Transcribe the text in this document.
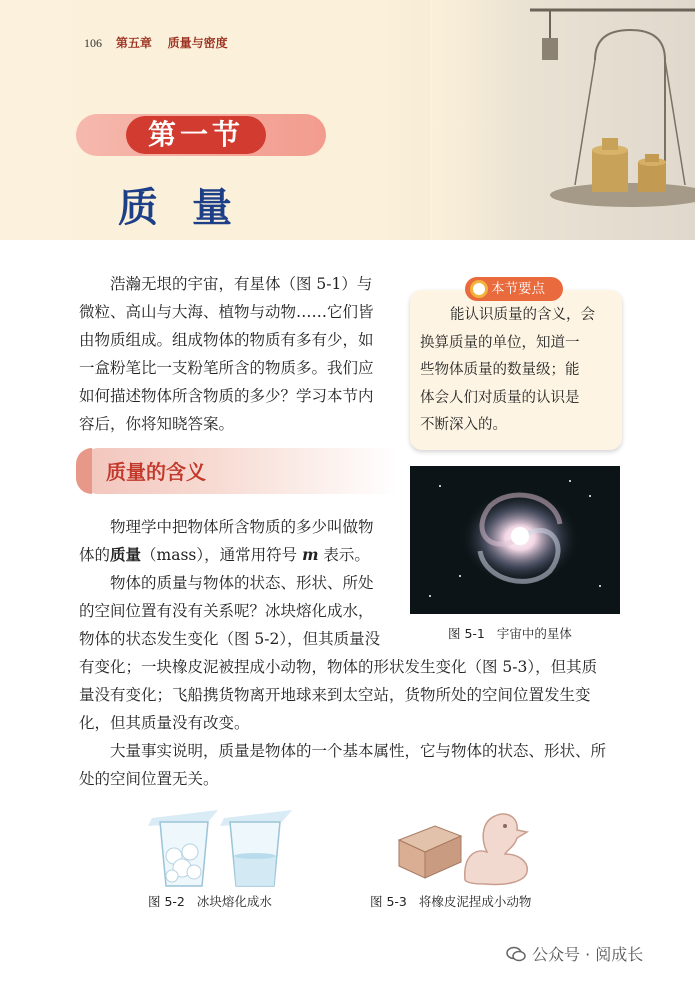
106 第五章 质量与密度
第一节
质量
浩瀚无垠的宇宙，有星体（图 5-1）与
微粒、高山与大海、植物与动物……它们皆
由物质组成。组成物体的物质有多有少，如
一盒粉笔比一支粉笔所含的物质多。我们应
如何描述物体所含物质的多少？学习本节内
容后，你将知晓答案。
本节要点
能认识质量的含义，会
换算质量的单位，知道一
些物体质量的数量级；能
体会人们对质量的认识是
不断深入的。
质量的含义
图 5-1 宇宙中的星体
物理学中把物体所含物质的多少叫做物
体的质量（mass），通常用符号 m 表示。
物体的质量与物体的状态、形状、所处
的空间位置有没有关系呢？冰块熔化成水，
物体的状态发生变化（图 5-2），但其质量没
有变化；一块橡皮泥被捏成小动物，物体的形状发生变化（图 5-3），但其质
量没有变化；飞船携货物离开地球来到太空站，货物所处的空间位置发生变
化，但其质量没有改变。
大量事实说明，质量是物体的一个基本属性，它与物体的状态、形状、所
处的空间位置无关。
图 5-2 冰块熔化成水	图 5-3 将橡皮泥捏成小动物
公众号 · 阅成长
